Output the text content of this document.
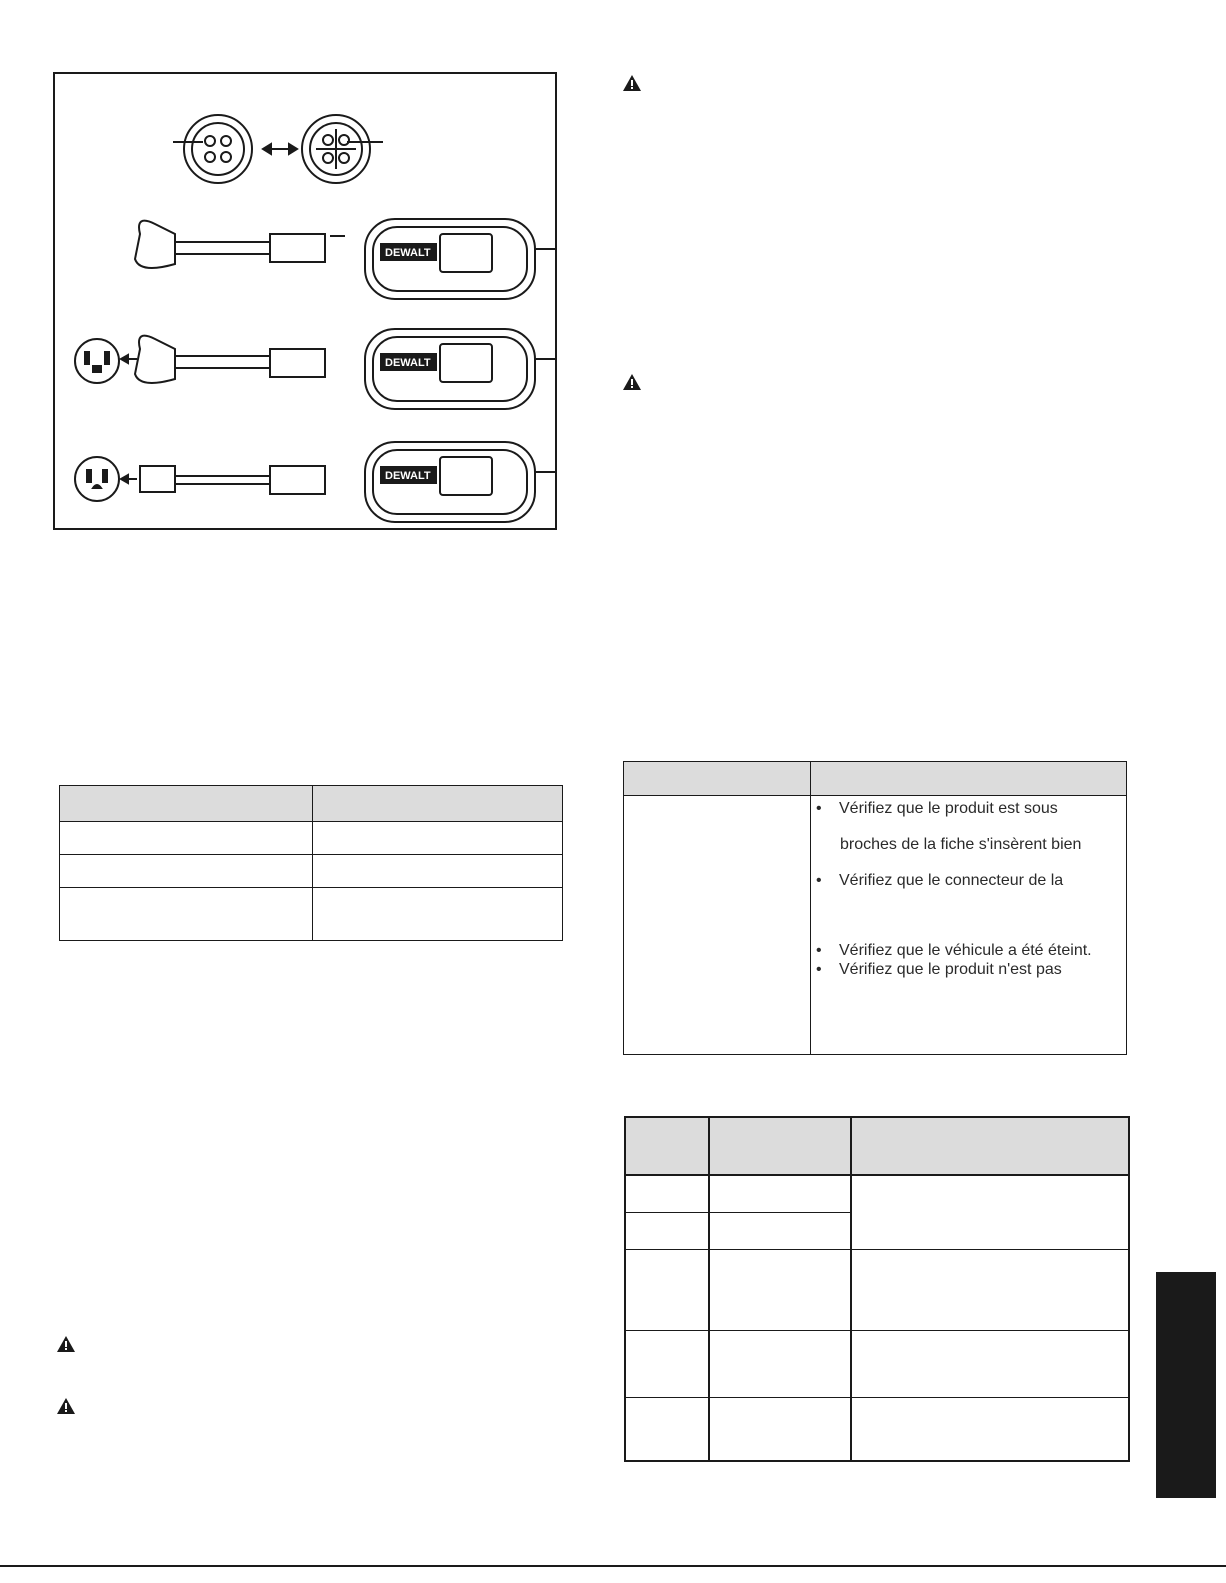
DEWALT
DEWALT
DEWALT

• Vérifiez que le produit est sous
broches de la fiche s'insèrent bien
• Vérifiez que le connecteur de la
• Vérifiez que le véhicule a été éteint.
• Vérifiez que le produit n'est pas
